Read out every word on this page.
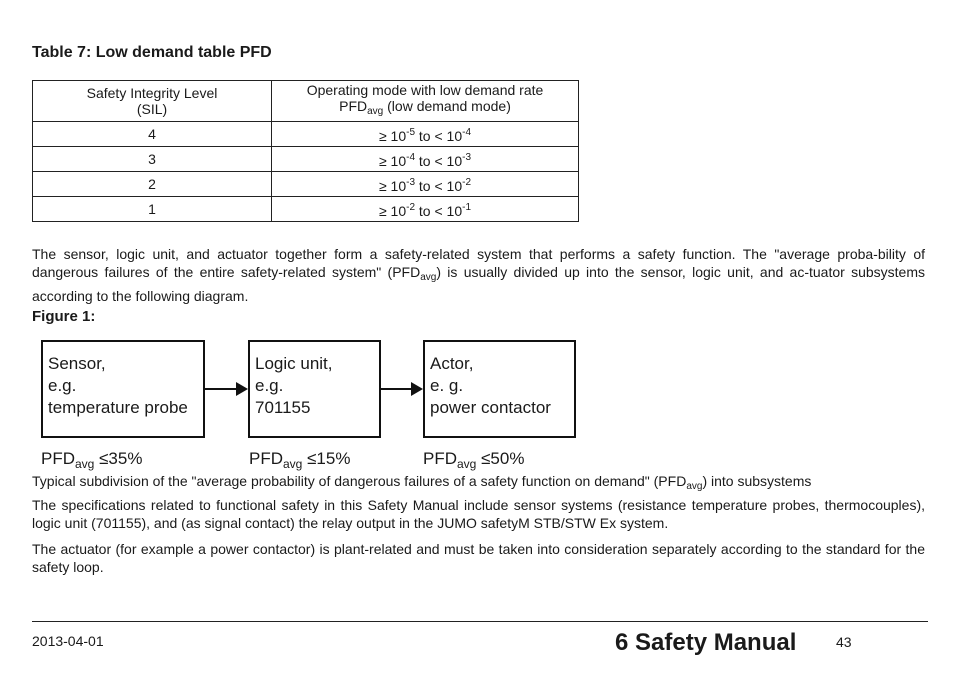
Table 7: Low demand table PFD
Safety Integrity Level
(SIL)	Operating mode with low demand rate
$PFD_{avg}$ (low demand mode)
4	≥ $10^{-5}$ to < $10^{-4}$
3	≥ $10^{-4}$ to < $10^{-3}$
2	≥ $10^{-3}$ to < $10^{-2}$
1	≥ $10^{-2}$ to < $10^{-1}$
The sensor, logic unit, and actuator together form a safety-related system that performs a safety function. The "average proba-bility of dangerous failures of the entire safety-related system" $(PFD_{avg})$ is usually divided up into the sensor, logic unit, and ac-tuator subsystems according to the following diagram.
Figure 1:
Sensor,
e.g.
temperature probe
Logic unit,
e.g.
701155
Actor,
e. g.
power contactor
$PFD_{avg} \le 35\%$	$PFD_{avg} \le 15\%$	$PFD_{avg} \le 50\%$
Typical subdivision of the "average probability of dangerous failures of a safety function on demand" $(PFD_{avg})$ into subsystems
The specifications related to functional safety in this Safety Manual include sensor systems (resistance temperature probes, thermocouples), logic unit (701155), and (as signal contact) the relay output in the JUMO safetyM STB/STW Ex system.
The actuator (for example a power contactor) is plant-related and must be taken into consideration separately according to the standard for the safety loop.
2013-04-01	6 Safety Manual	43
